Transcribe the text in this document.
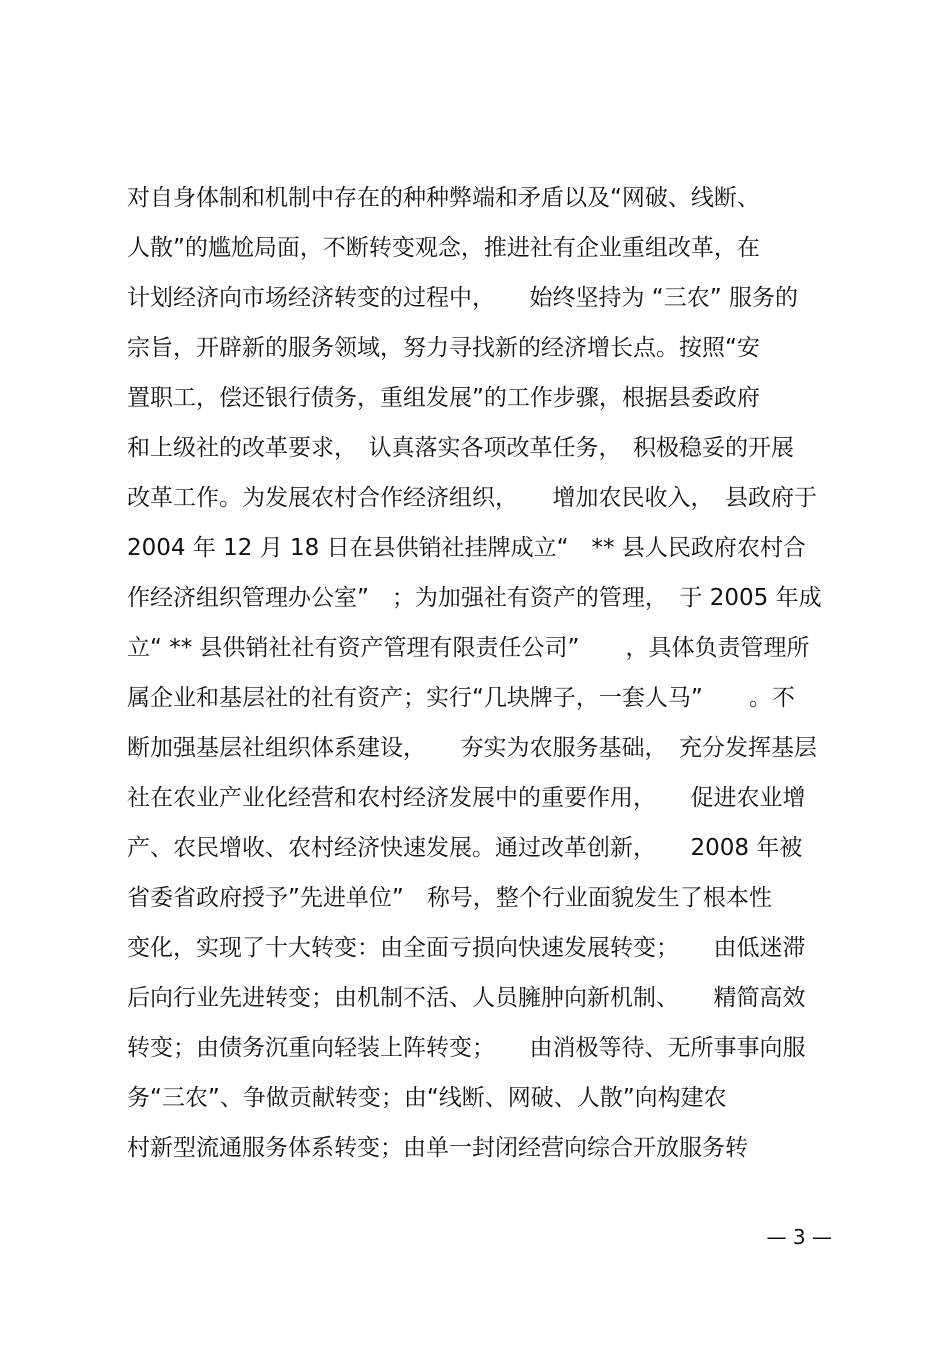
对自身体制和机制中存在的种种弊端和矛盾以及“网破、线断、
人散”的尴尬局面，不断转变观念，推进社有企业重组改革，在
计划经济向市场经济转变的过程中，　　始终坚持为 “三农” 服务的
宗旨，开辟新的服务领域，努力寻找新的经济增长点。按照“安
置职工，偿还银行债务，重组发展”的工作步骤，根据县委政府
和上级社的改革要求，　认真落实各项改革任务，　积极稳妥的开展
改革工作。为发展农村合作经济组织，　　增加农民收入，　县政府于
2004 年 12 月 18 日在县供销社挂牌成立“　** 县人民政府农村合
作经济组织管理办公室”　；为加强社有资产的管理，　于 2005 年成
立“ ** 县供销社社有资产管理有限责任公司”　　，具体负责管理所
属企业和基层社的社有资产；实行“几块牌子，一套人马”　　。不
断加强基层社组织体系建设，　　夯实为农服务基础，　充分发挥基层
社在农业产业化经营和农村经济发展中的重要作用，　　促进农业增
产、农民增收、农村经济快速发展。通过改革创新，　　2008 年被
省委省政府授予”先进单位”　称号，整个行业面貌发生了根本性
变化，实现了十大转变：由全面亏损向快速发展转变；　　由低迷滞
后向行业先进转变；由机制不活、人员臃肿向新机制、　　精简高效
转变；由债务沉重向轻装上阵转变；　　由消极等待、无所事事向服
务“三农”、争做贡献转变；由“线断、网破、人散”向构建农
村新型流通服务体系转变；由单一封闭经营向综合开放服务转
— 3 —
